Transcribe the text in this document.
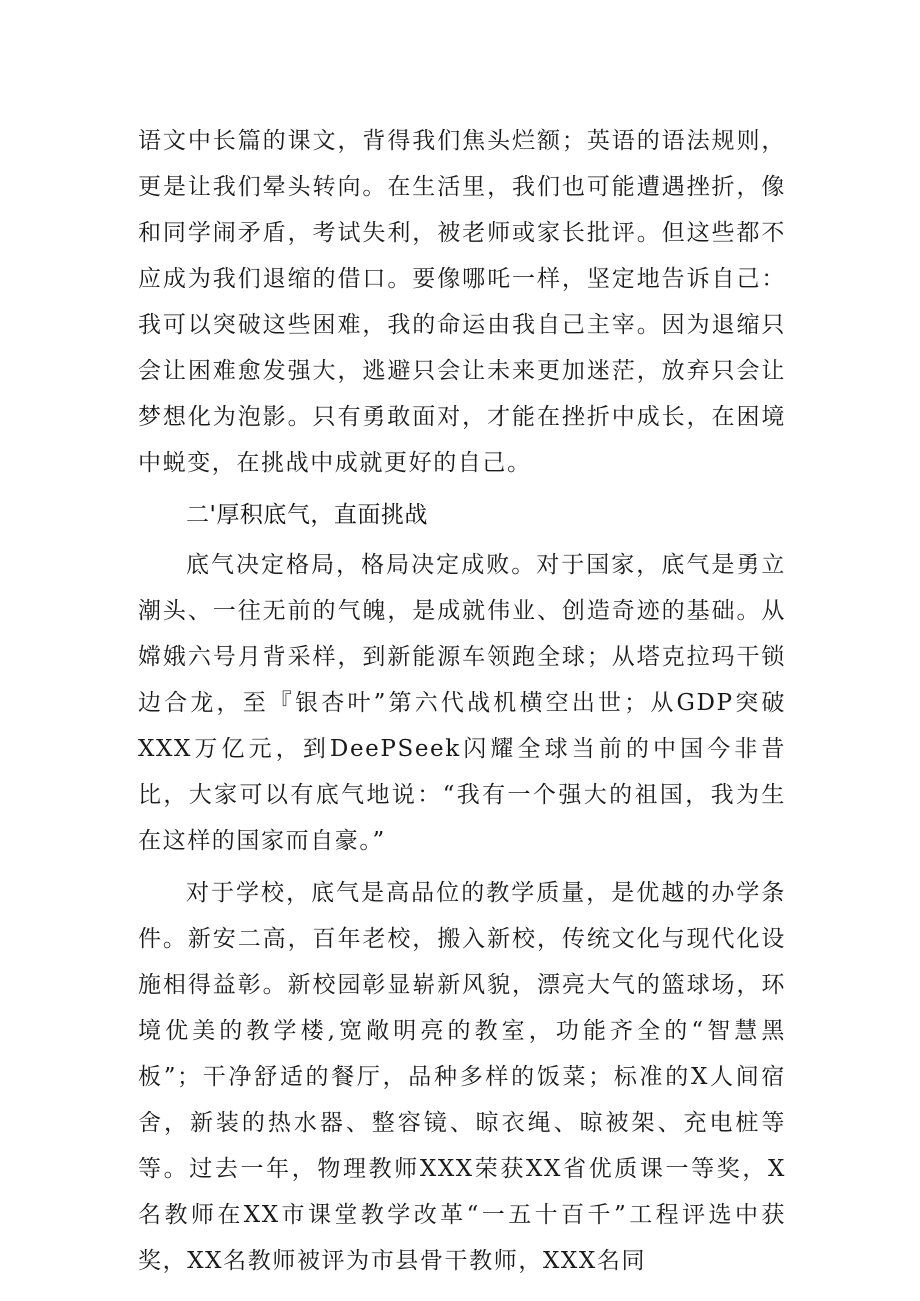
语文中长篇的课文，背得我们焦头烂额；英语的语法规则，更是让我们晕头转向。在生活里，我们也可能遭遇挫折，像和同学闹矛盾，考试失利，被老师或家长批评。但这些都不应成为我们退缩的借口。要像哪吒一样，坚定地告诉自己：我可以突破这些困难，我的命运由我自己主宰。因为退缩只会让困难愈发强大，逃避只会让未来更加迷茫，放弃只会让梦想化为泡影。只有勇敢面对，才能在挫折中成长，在困境中蜕变，在挑战中成就更好的自己。

二'厚积底气，直面挑战

底气决定格局，格局决定成败。对于国家，底气是勇立潮头、一往无前的气魄，是成就伟业、创造奇迹的基础。从嫦娥六号月背采样，到新能源车领跑全球；从塔克拉玛干锁边合龙，至『银杏叶”第六代战机横空出世；从GDP突破XXX万亿元，到DeePSeek闪耀全球当前的中国今非昔比，大家可以有底气地说：“我有一个强大的祖国，我为生在这样的国家而自豪。”

对于学校，底气是高品位的教学质量，是优越的办学条件。新安二高，百年老校，搬入新校，传统文化与现代化设施相得益彰。新校园彰显崭新风貌，漂亮大气的篮球场，环境优美的教学楼,宽敞明亮的教室，功能齐全的“智慧黑板”；干净舒适的餐厅，品种多样的饭菜；标准的X人间宿舍，新装的热水器、整容镜、晾衣绳、晾被架、充电桩等等。过去一年，物理教师XXX荣获XX省优质课一等奖，X名教师在XX市课堂教学改革“一五十百千”工程评选中获奖，XX名教师被评为市县骨干教师，XXX名同
